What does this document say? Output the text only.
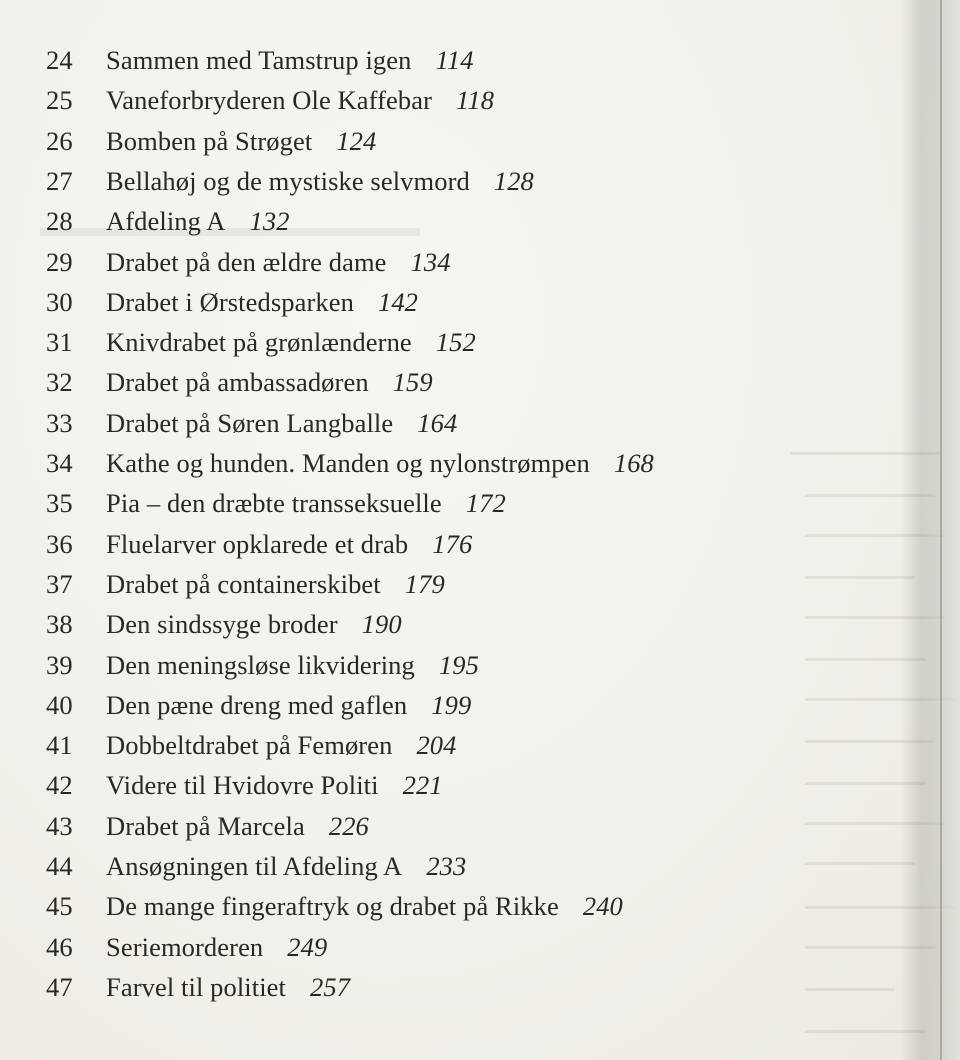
24	Sammen med Tamstrup igen 114
25	Vaneforbryderen Ole Kaffebar 118
26	Bomben på Strøget 124
27	Bellahøj og de mystiske selvmord 128
28	Afdeling A 132
29	Drabet på den ældre dame 134
30	Drabet i Ørstedsparken 142
31	Knivdrabet på grønlænderne 152
32	Drabet på ambassadøren 159
33	Drabet på Søren Langballe 164
34	Kathe og hunden. Manden og nylonstrømpen 168
35	Pia – den dræbte transseksuelle 172
36	Fluelarver opklarede et drab 176
37	Drabet på containerskibet 179
38	Den sindssyge broder 190
39	Den meningsløse likvidering 195
40	Den pæne dreng med gaflen 199
41	Dobbeltdrabet på Femøren 204
42	Videre til Hvidovre Politi 221
43	Drabet på Marcela 226
44	Ansøgningen til Afdeling A 233
45	De mange fingeraftryk og drabet på Rikke 240
46	Seriemorderen 249
47	Farvel til politiet 257
